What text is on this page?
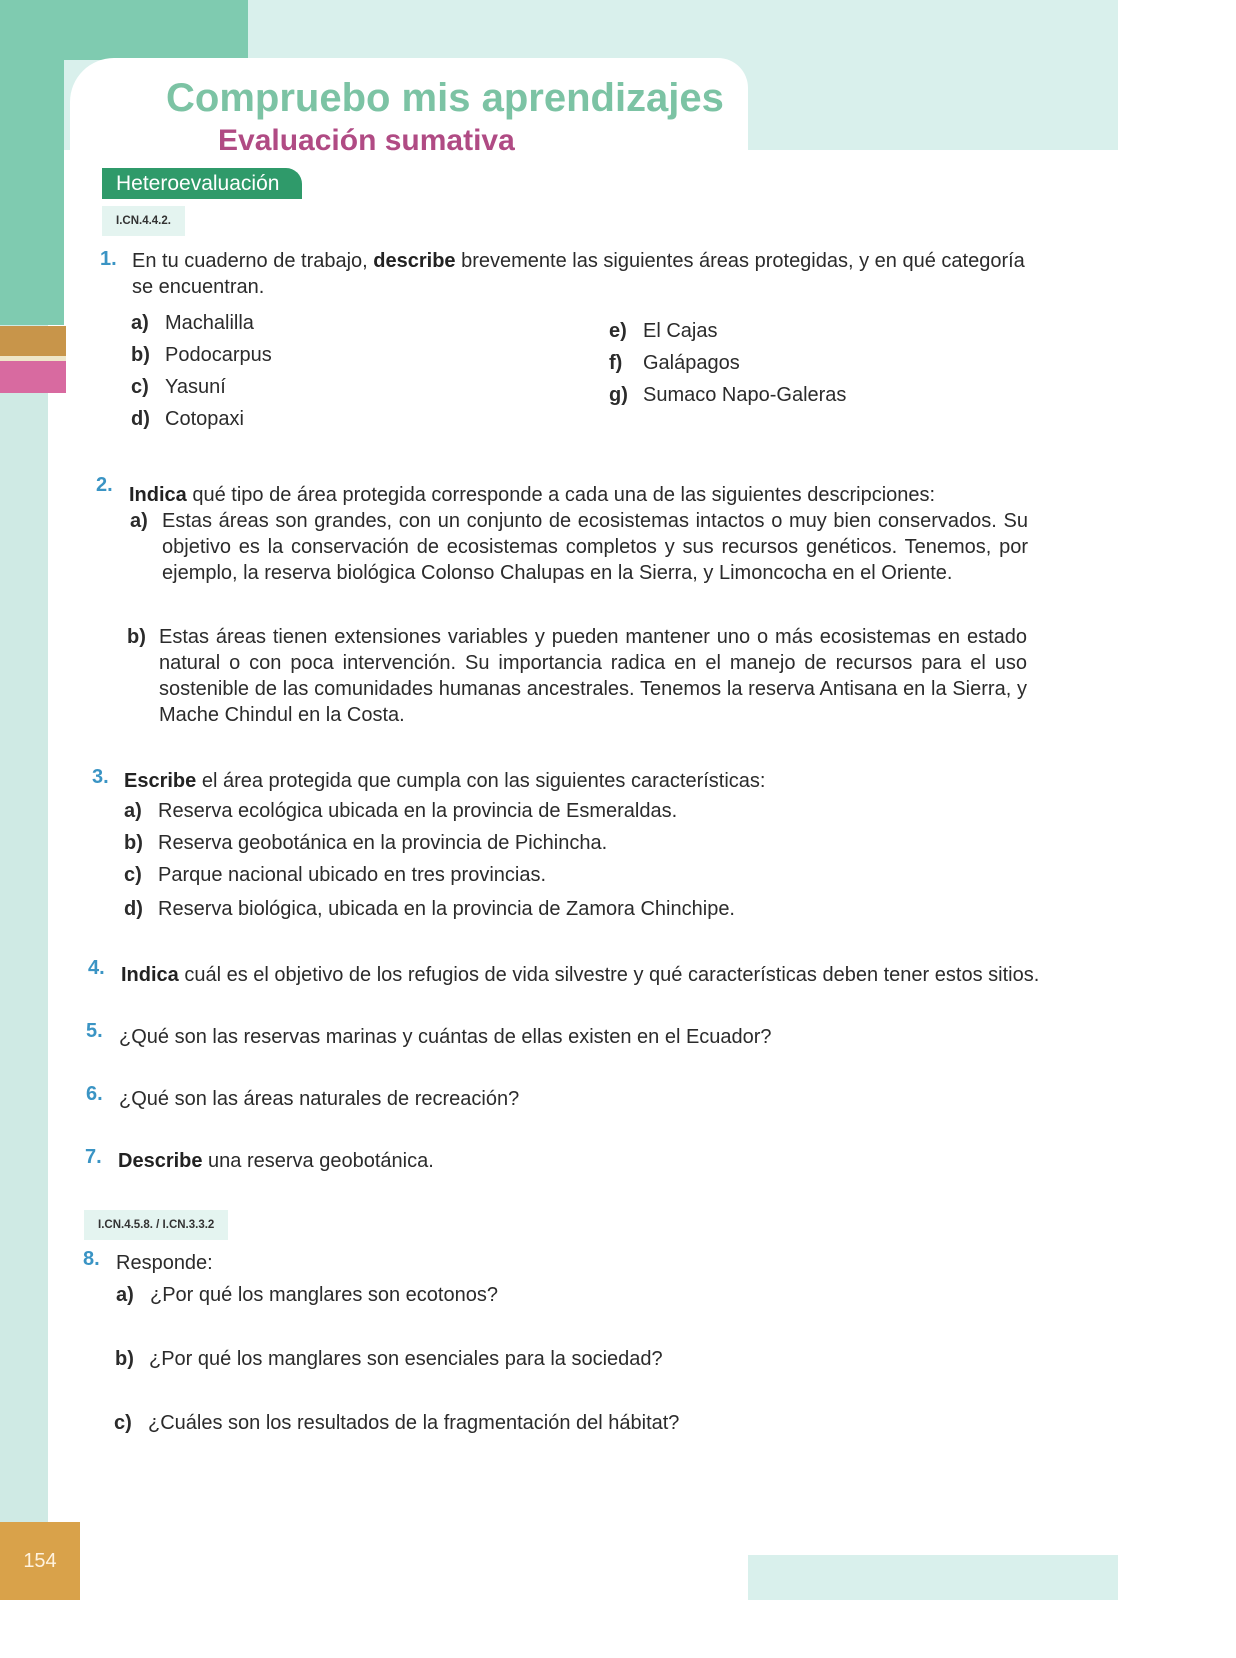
Compruebo mis aprendizajes
Evaluación sumativa
Heteroevaluación
I.CN.4.4.2.
1. En tu cuaderno de trabajo, describe brevemente las siguientes áreas protegidas, y en qué categoría se encuentran.
a) Machalilla
b) Podocarpus
c) Yasuní
d) Cotopaxi
e) El Cajas
f) Galápagos
g) Sumaco Napo-Galeras
2. Indica qué tipo de área protegida corresponde a cada una de las siguientes descripciones:
a) Estas áreas son grandes, con un conjunto de ecosistemas intactos o muy bien conservados. Su objetivo es la conservación de ecosistemas completos y sus recursos genéticos. Tenemos, por ejemplo, la reserva biológica Colonso Chalupas en la Sierra, y Limoncocha en el Oriente.
b) Estas áreas tienen extensiones variables y pueden mantener uno o más ecosistemas en estado natural o con poca intervención. Su importancia radica en el manejo de recursos para el uso sostenible de las comunidades humanas ancestrales. Tenemos la reserva Antisana en la Sierra, y Mache Chindul en la Costa.
3. Escribe el área protegida que cumpla con las siguientes características:
a) Reserva ecológica ubicada en la provincia de Esmeraldas.
b) Reserva geobotánica en la provincia de Pichincha.
c) Parque nacional ubicado en tres provincias.
d) Reserva biológica, ubicada en la provincia de Zamora Chinchipe.
4. Indica cuál es el objetivo de los refugios de vida silvestre y qué características deben tener estos sitios.
5. ¿Qué son las reservas marinas y cuántas de ellas existen en el Ecuador?
6. ¿Qué son las áreas naturales de recreación?
7. Describe una reserva geobotánica.
I.CN.4.5.8. / I.CN.3.3.2
8. Responde:
a) ¿Por qué los manglares son ecotonos?
b) ¿Por qué los manglares son esenciales para la sociedad?
c) ¿Cuáles son los resultados de la fragmentación del hábitat?
154
